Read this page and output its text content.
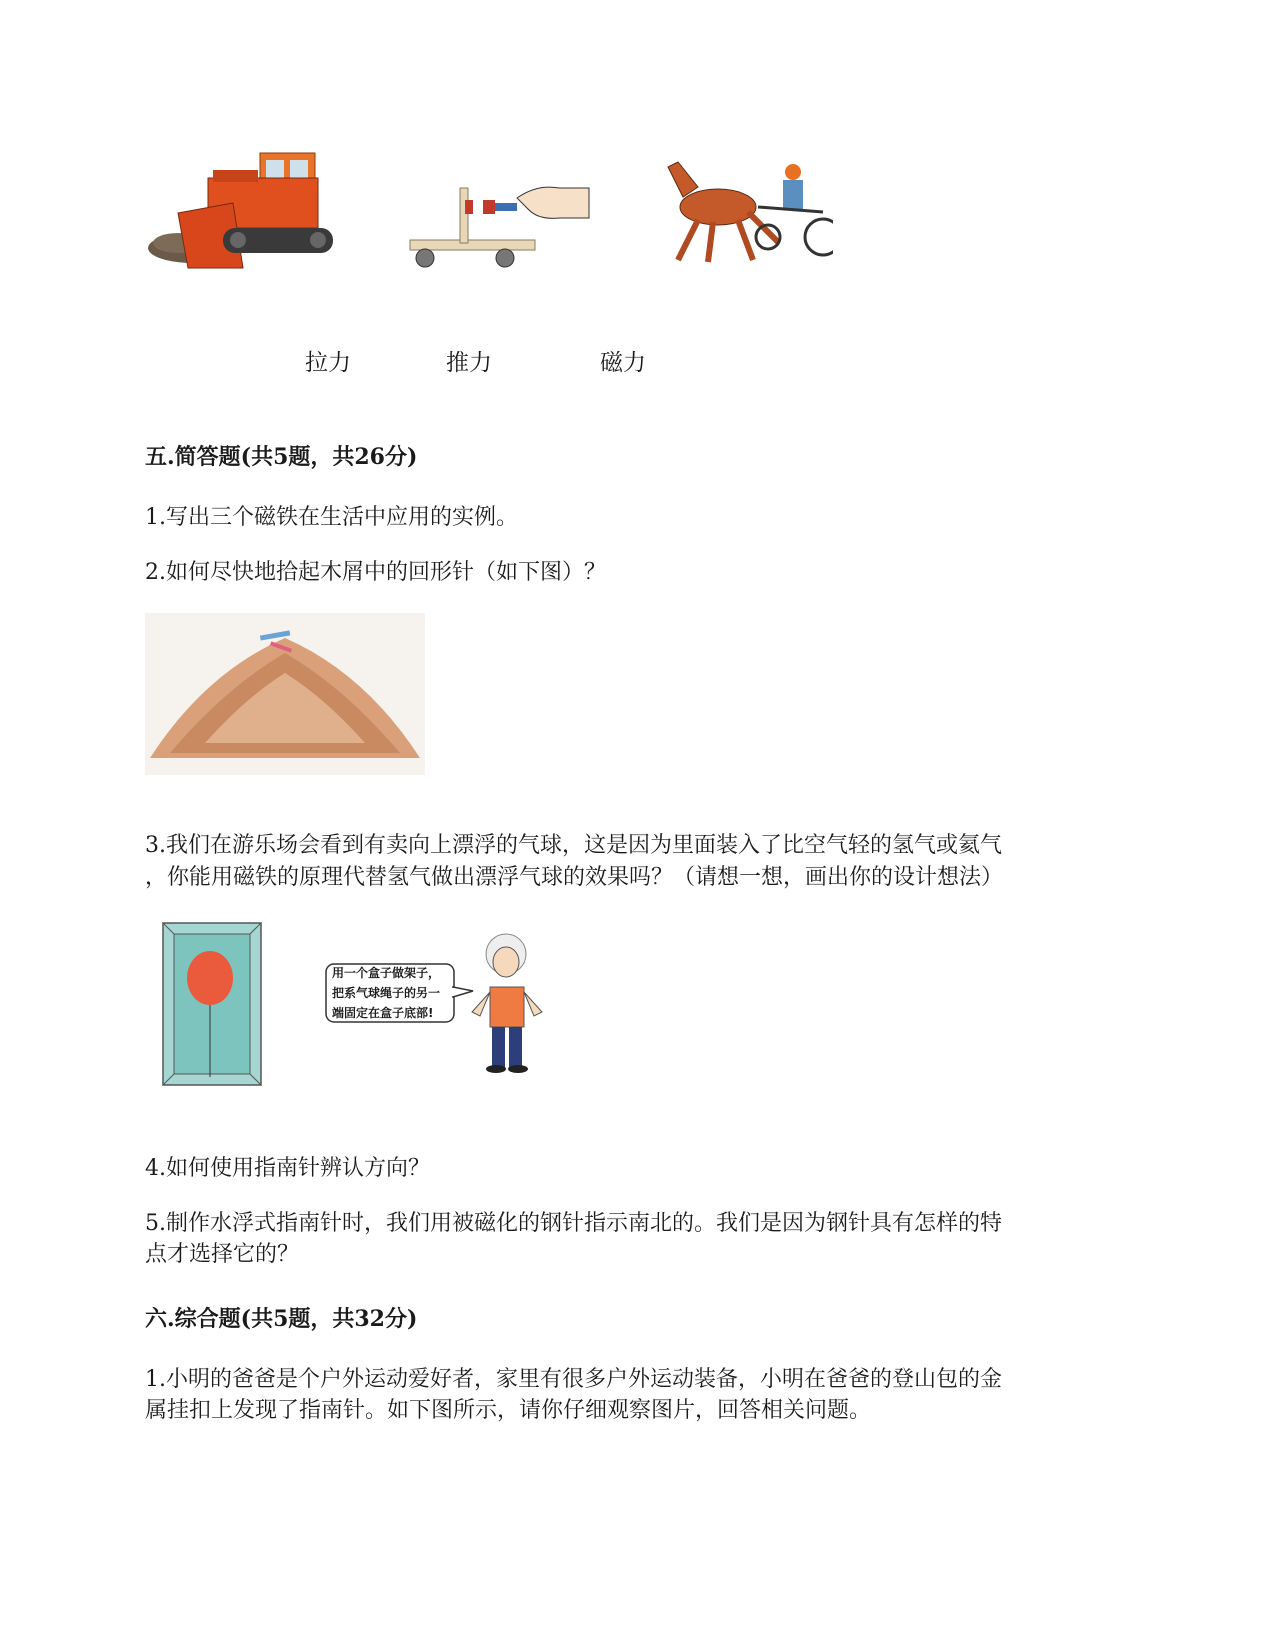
拉力	推力	磁力
五.简答题(共5题，共26分)
1.写出三个磁铁在生活中应用的实例。
2.如何尽快地拾起木屑中的回形针（如下图）？
3.我们在游乐场会看到有卖向上漂浮的气球，这是因为里面装入了比空气轻的氢气或氦气
，你能用磁铁的原理代替氢气做出漂浮气球的效果吗？（请想一想，画出你的设计想法）
用一个盒子做架子，
把系气球绳子的另一
端固定在盒子底部!
4.如何使用指南针辨认方向？
5.制作水浮式指南针时，我们用被磁化的钢针指示南北的。我们是因为钢针具有怎样的特
点才选择它的？
六.综合题(共5题，共32分)
1.小明的爸爸是个户外运动爱好者，家里有很多户外运动装备，小明在爸爸的登山包的金
属挂扣上发现了指南针。如下图所示，请你仔细观察图片，回答相关问题。
